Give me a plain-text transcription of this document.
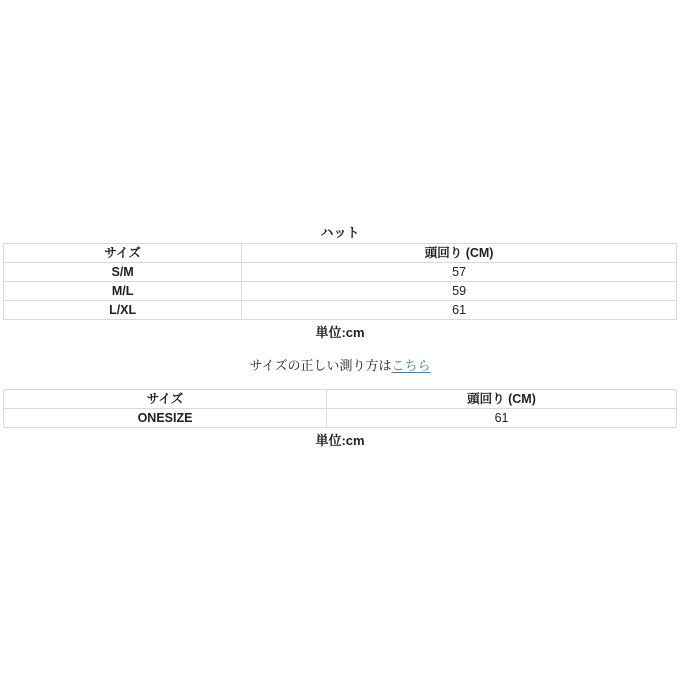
ハット
サイズ	頭回り (CM)
S/M	57
M/L	59
L/XL	61
単位:cm
サイズの正しい測り方はこちら
サイズ	頭回り (CM)
ONESIZE	61
単位:cm
